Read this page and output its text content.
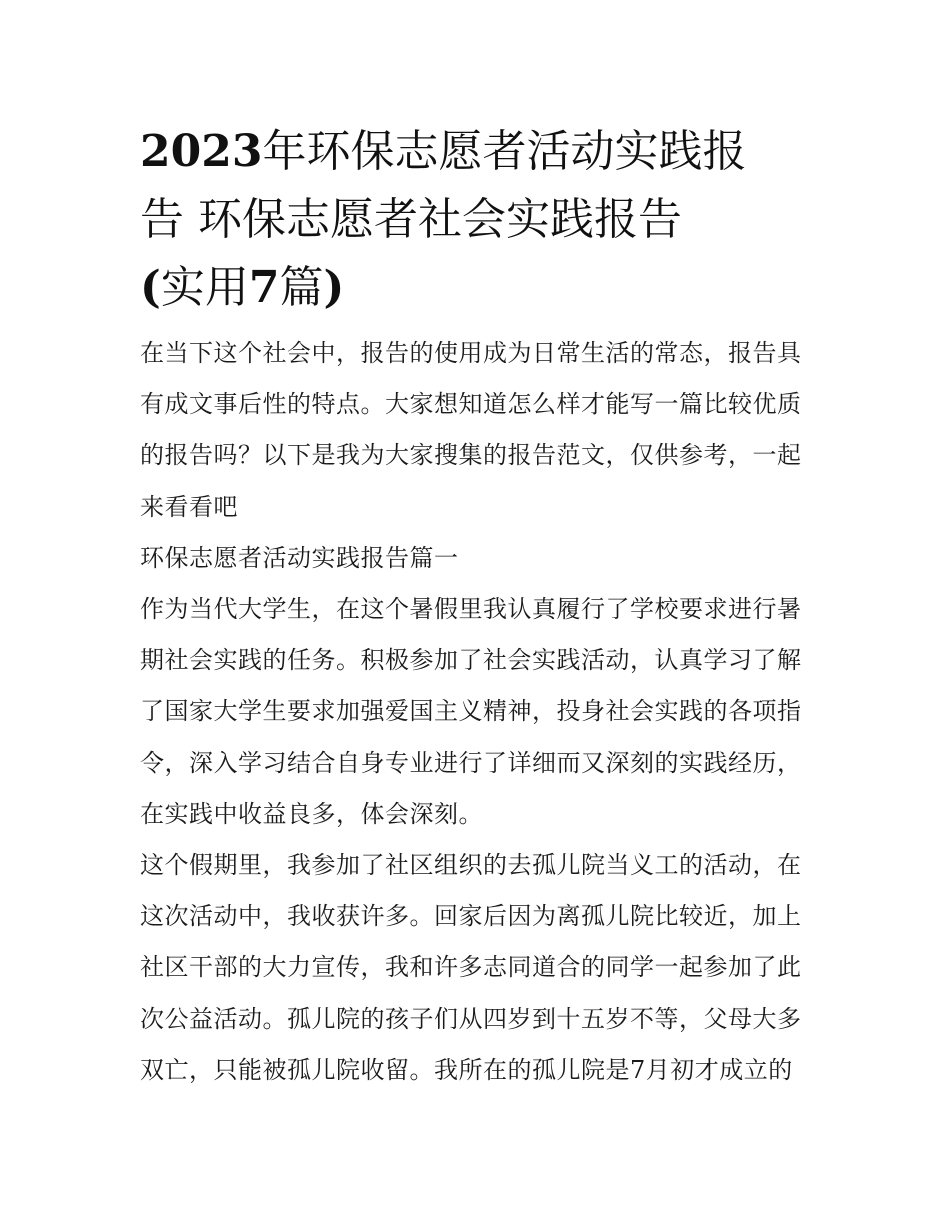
2023年环保志愿者活动实践报
告 环保志愿者社会实践报告
(实用7篇)

在当下这个社会中，报告的使用成为日常生活的常态，报告具
有成文事后性的特点。大家想知道怎么样才能写一篇比较优质
的报告吗？以下是我为大家搜集的报告范文，仅供参考，一起
来看看吧

环保志愿者活动实践报告篇一

作为当代大学生，在这个暑假里我认真履行了学校要求进行暑
期社会实践的任务。积极参加了社会实践活动，认真学习了解
了国家大学生要求加强爱国主义精神，投身社会实践的各项指
令，深入学习结合自身专业进行了详细而又深刻的实践经历，
在实践中收益良多，体会深刻。

这个假期里，我参加了社区组织的去孤儿院当义工的活动，在
这次活动中，我收获许多。回家后因为离孤儿院比较近，加上
社区干部的大力宣传，我和许多志同道合的同学一起参加了此
次公益活动。孤儿院的孩子们从四岁到十五岁不等，父母大多
双亡，只能被孤儿院收留。我所在的孤儿院是7月初才成立的
